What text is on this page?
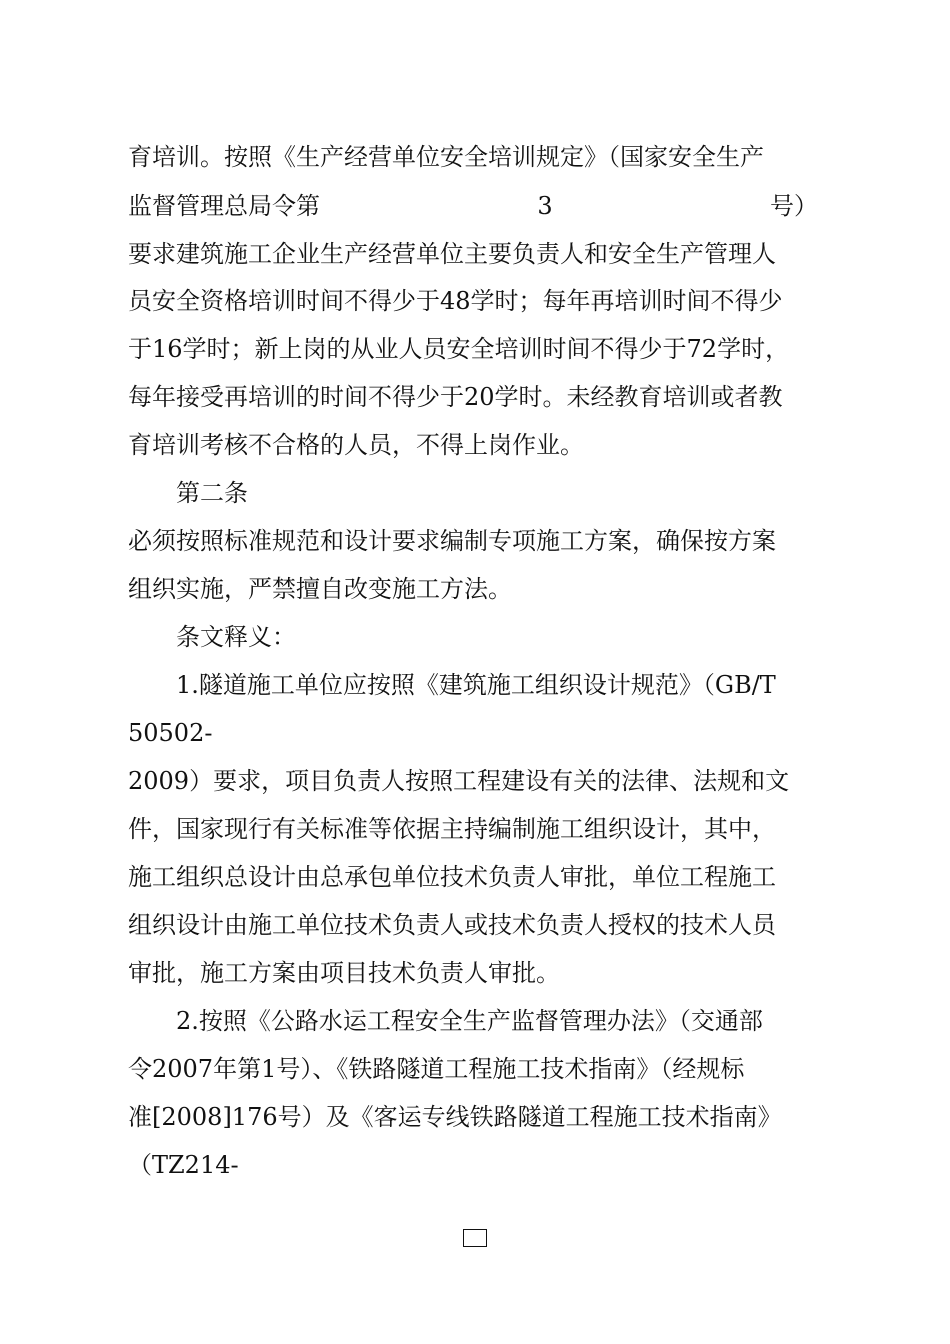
育培训。按照《生产经营单位安全培训规定》（国家安全生产
监督管理总局令第	3	号）
要求建筑施工企业生产经营单位主要负责人和安全生产管理人
员安全资格培训时间不得少于48学时；每年再培训时间不得少
于16学时；新上岗的从业人员安全培训时间不得少于72学时，
每年接受再培训的时间不得少于20学时。未经教育培训或者教
育培训考核不合格的人员，不得上岗作业。
第二条
必须按照标准规范和设计要求编制专项施工方案，确保按方案
组织实施，严禁擅自改变施工方法。
条文释义：
1.隧道施工单位应按照《建筑施工组织设计规范》（GB/T
50502-
2009）要求，项目负责人按照工程建设有关的法律、法规和文
件，国家现行有关标准等依据主持编制施工组织设计，其中，
施工组织总设计由总承包单位技术负责人审批，单位工程施工
组织设计由施工单位技术负责人或技术负责人授权的技术人员
审批，施工方案由项目技术负责人审批。
2.按照《公路水运工程安全生产监督管理办法》（交通部
令2007年第1号）、《铁路隧道工程施工技术指南》（经规标
准[2008]176号）及《客运专线铁路隧道工程施工技术指南》
（TZ214-
